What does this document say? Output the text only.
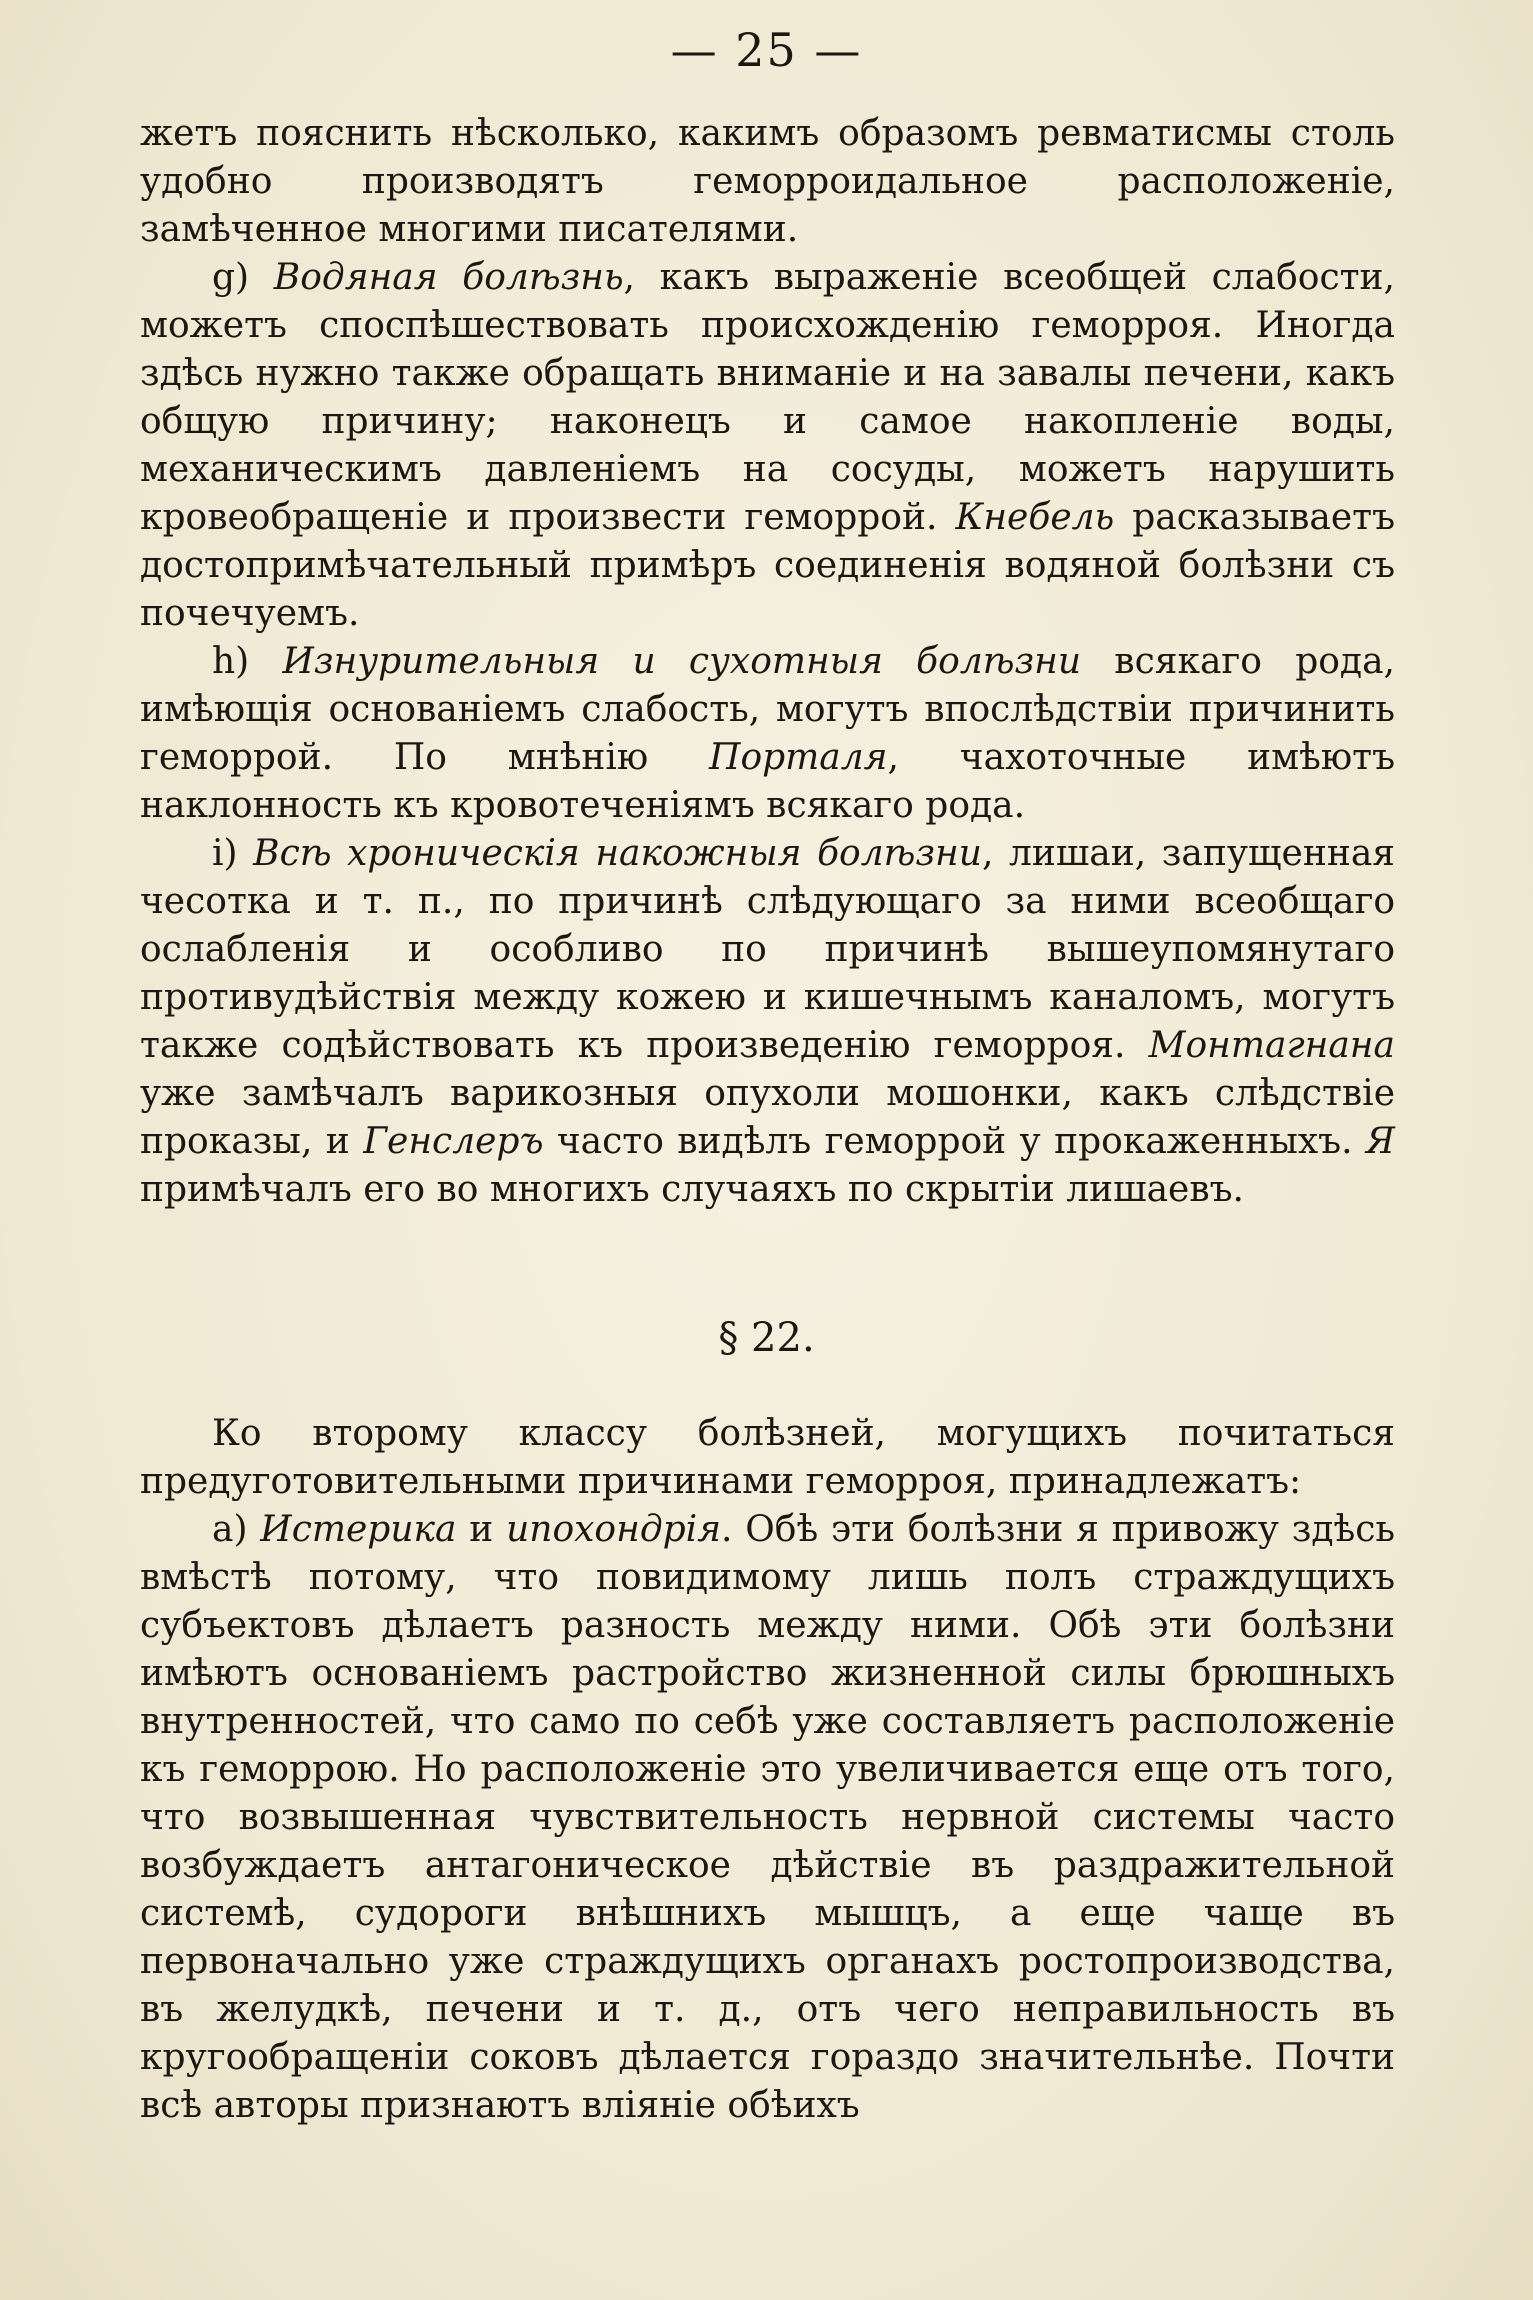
— 25 —

жетъ пояснить нѣсколько, какимъ образомъ ревматисмы столь удобно производятъ геморроидальное расположеніе, замѣченное многими писателями.

g) Водяная болѣзнь, какъ выраженіе всеобщей слабости, можетъ споспѣшествовать происхожденію геморроя. Иногда здѣсь нужно также обращать вниманіе и на завалы печени, какъ общую причину; наконецъ и самое накопленіе воды, механическимъ давленіемъ на сосуды, можетъ нарушить кровеобращеніе и произвести геморрой. Кнебель расказываетъ достопримѣчательный примѣръ соединенія водяной болѣзни съ почечуемъ.

h) Изнурительныя и сухотныя болѣзни всякаго рода, имѣющія основаніемъ слабость, могутъ впослѣдствіи причинить геморрой. По мнѣнію Порталя, чахоточные имѣютъ наклонность къ кровотеченіямъ всякаго рода.

i) Всѣ хроническія накожныя болѣзни, лишаи, запущенная чесотка и т. п., по причинѣ слѣдующаго за ними всеобщаго ослабленія и особливо по причинѣ вышеупомянутаго противудѣйствія между кожею и кишечнымъ каналомъ, могутъ также содѣйствовать къ произведенію геморроя. Монтагнана уже замѣчалъ варикозныя опухоли мошонки, какъ слѣдствіе проказы, и Генслеръ часто видѣлъ геморрой у прокаженныхъ. Я примѣчалъ его во многихъ случаяхъ по скрытіи лишаевъ.

§ 22.

Ко второму классу болѣзней, могущихъ почитаться предуготовительными причинами геморроя, принадлежатъ:

a) Истерика и ипохондрія. Обѣ эти болѣзни я привожу здѣсь вмѣстѣ потому, что повидимому лишь полъ страждущихъ субъектовъ дѣлаетъ разность между ними. Обѣ эти болѣзни имѣютъ основаніемъ растройство жизненной силы брюшныхъ внутренностей, что само по себѣ уже составляетъ расположеніе къ геморрою. Но расположеніе это увеличивается еще отъ того, что возвышенная чувствительность нервной системы часто возбуждаетъ антагоническое дѣйствіе въ раздражительной системѣ, судороги внѣшнихъ мышцъ, а еще чаще въ первоначально уже страждущихъ органахъ ростопроизводства, въ желудкѣ, печени и т. д., отъ чего неправильность въ кругообращеніи соковъ дѣлается гораздо значительнѣе. Почти всѣ авторы признаютъ вліяніе обѣихъ
